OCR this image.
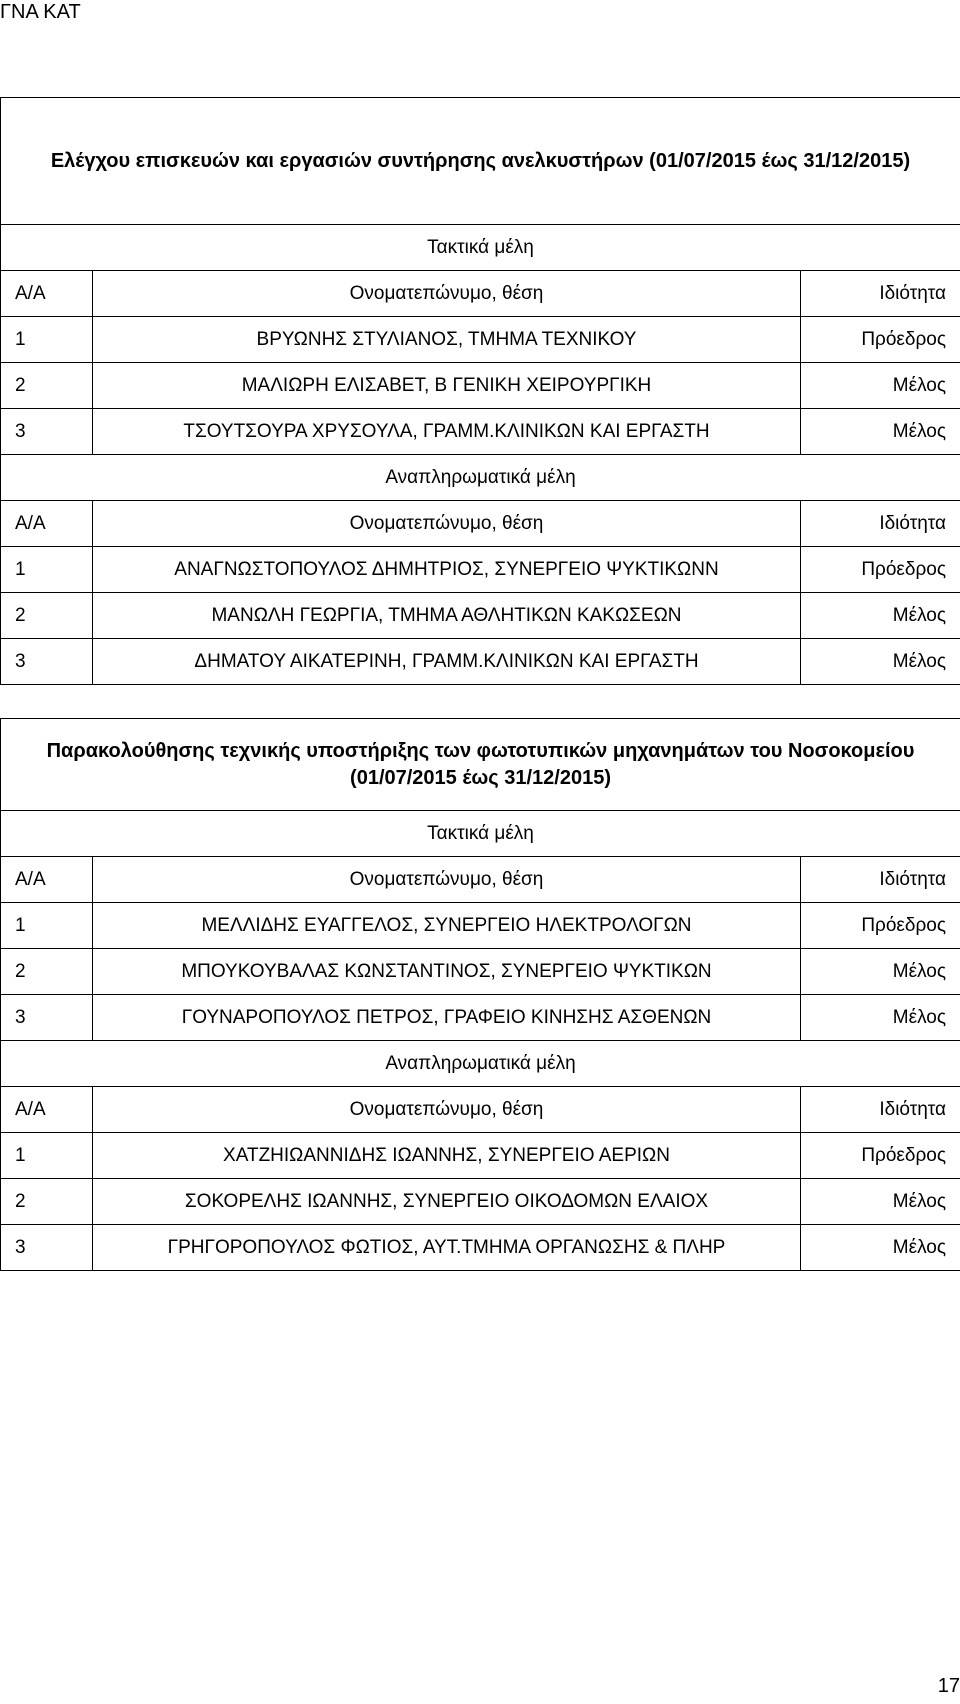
ΓΝΑ ΚΑΤ
Ελέγχου επισκευών και εργασιών συντήρησης ανελκυστήρων (01/07/2015 έως 31/12/2015)		
Τακτικά μέλη		
Α/Α	Ονοματεπώνυμο, θέση	Ιδιότητα
1	ΒΡΥΩΝΗΣ ΣΤΥΛΙΑΝΟΣ, ΤΜΗΜΑ ΤΕΧΝΙΚΟΥ	Πρόεδρος
2	ΜΑΛΙΩΡΗ ΕΛΙΣΑΒΕΤ, Β ΓΕΝΙΚΗ ΧΕΙΡΟΥΡΓΙΚΗ	Μέλος
3	ΤΣΟΥΤΣΟΥΡΑ ΧΡΥΣΟΥΛΑ, ΓΡΑΜΜ.ΚΛΙΝΙΚΩΝ ΚΑΙ ΕΡΓΑΣΤΗ	Μέλος
Αναπληρωματικά μέλη		
Α/Α	Ονοματεπώνυμο, θέση	Ιδιότητα
1	ΑΝΑΓΝΩΣΤΟΠΟΥΛΟΣ ΔΗΜΗΤΡΙΟΣ, ΣΥΝΕΡΓΕΙΟ ΨΥΚΤΙΚΩΝΝ	Πρόεδρος
2	ΜΑΝΩΛΗ ΓΕΩΡΓΙΑ, ΤΜΗΜΑ ΑΘΛΗΤΙΚΩΝ ΚΑΚΩΣΕΩΝ	Μέλος
3	ΔΗΜΑΤΟΥ ΑΙΚΑΤΕΡΙΝΗ, ΓΡΑΜΜ.ΚΛΙΝΙΚΩΝ ΚΑΙ ΕΡΓΑΣΤΗ	Μέλος
Παρακολούθησης τεχνικής υποστήριξης των φωτοτυπικών μηχανημάτων του Νοσοκομείου (01/07/2015 έως 31/12/2015)		
Τακτικά μέλη		
Α/Α	Ονοματεπώνυμο, θέση	Ιδιότητα
1	ΜΕΛΛΙΔΗΣ ΕΥΑΓΓΕΛΟΣ, ΣΥΝΕΡΓΕΙΟ ΗΛΕΚΤΡΟΛΟΓΩΝ	Πρόεδρος
2	ΜΠΟΥΚΟΥΒΑΛΑΣ ΚΩΝΣΤΑΝΤΙΝΟΣ, ΣΥΝΕΡΓΕΙΟ ΨΥΚΤΙΚΩΝ	Μέλος
3	ΓΟΥΝΑΡΟΠΟΥΛΟΣ ΠΕΤΡΟΣ, ΓΡΑΦΕΙΟ ΚΙΝΗΣΗΣ ΑΣΘΕΝΩΝ	Μέλος
Αναπληρωματικά μέλη		
Α/Α	Ονοματεπώνυμο, θέση	Ιδιότητα
1	ΧΑΤΖΗΙΩΑΝΝΙΔΗΣ ΙΩΑΝΝΗΣ, ΣΥΝΕΡΓΕΙΟ ΑΕΡΙΩΝ	Πρόεδρος
2	ΣΟΚΟΡΕΛΗΣ ΙΩΑΝΝΗΣ, ΣΥΝΕΡΓΕΙΟ ΟΙΚΟΔΟΜΩΝ ΕΛΑΙΟΧ	Μέλος
3	ΓΡΗΓΟΡΟΠΟΥΛΟΣ ΦΩΤΙΟΣ, ΑΥΤ.ΤΜΗΜΑ ΟΡΓΑΝΩΣΗΣ & ΠΛΗΡ	Μέλος
17
